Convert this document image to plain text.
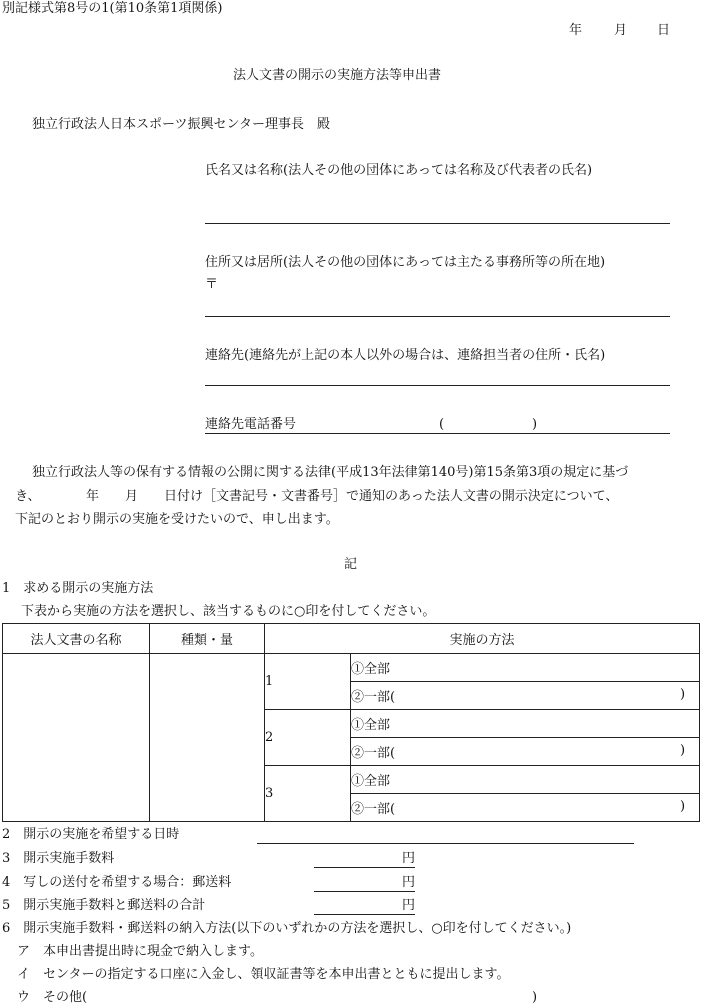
別記様式第8号の1(第10条第1項関係)
年 月 日
法人文書の開示の実施方法等申出書
独立行政法人日本スポーツ振興センター理事長　殿
氏名又は名称(法人その他の団体にあっては名称及び代表者の氏名)
住所又は居所(法人その他の団体にあっては主たる事務所等の所在地)
〒
連絡先(連絡先が上記の本人以外の場合は、連絡担当者の住所・氏名)
連絡先電話番号	(	)
独立行政法人等の保有する情報の公開に関する法律(平成13年法律第140号)第15条第3項の規定に基づ
き、　　　　年　　月　　日付け［文書記号・文書番号］で通知のあった法人文書の開示決定について、
下記のとおり開示の実施を受けたいので、申し出ます。
記
1　求める開示の実施方法
下表から実施の方法を選択し、該当するものに○印を付してください。
法人文書の名称	種類・量	実施の方法	
		1	①全部
			②一部( )

		2	①全部
			②一部( )

		3	①全部
			②一部( )
2　開示の実施を希望する日時
3　開示実施手数料	円
4　写しの送付を希望する場合：郵送料	円
5　開示実施手数料と郵送料の合計	円
6　開示実施手数料・郵送料の納入方法(以下のいずれかの方法を選択し、○印を付してください。)
ア　本申出書提出時に現金で納入します。
イ　センターの指定する口座に入金し、領収証書等を本申出書とともに提出します。
ウ　その他(	)
